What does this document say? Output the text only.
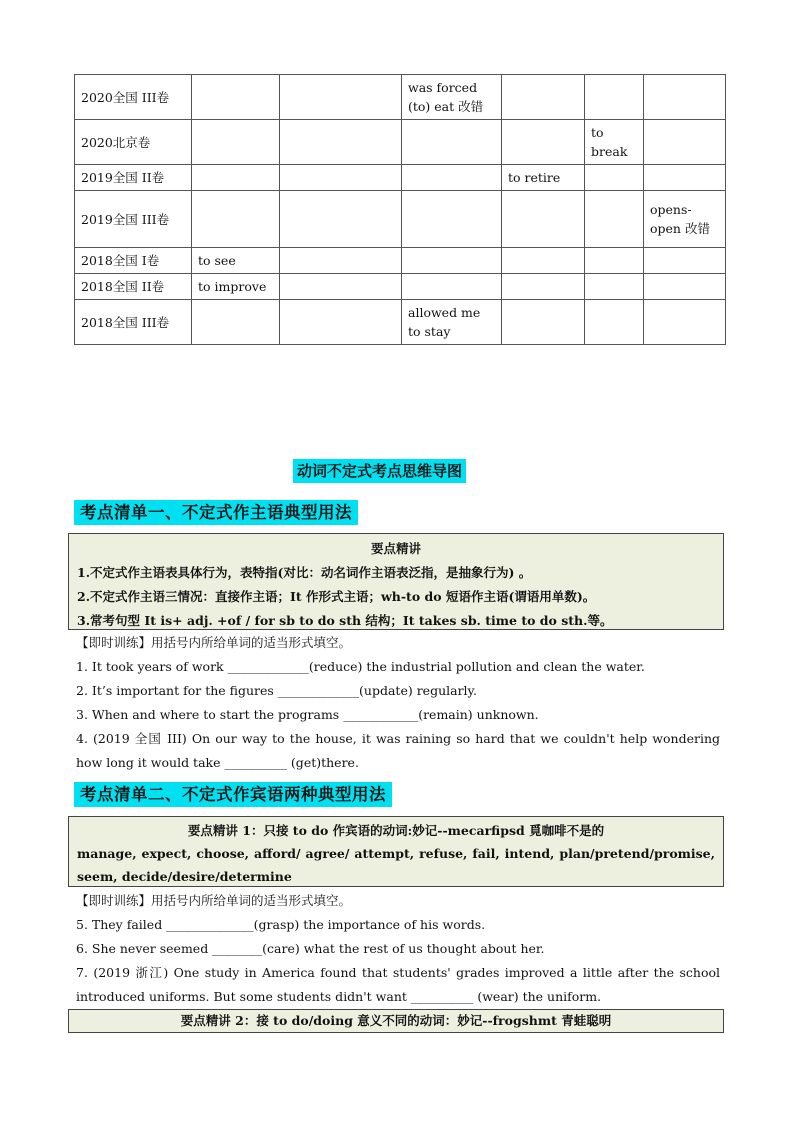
2020全国 III卷			was forced (to) eat 改错			
2020北京卷					to break	
2019全国 II卷				to retire		
2019全国 III卷						opens-open 改错
2018全国 I卷	to see					
2018全国 II卷	to improve					
2018全国 III卷			allowed me to stay			
动词不定式考点思维导图
考点清单一、不定式作主语典型用法
要点精讲
1.不定式作主语表具体行为，表特指(对比：动名词作主语表泛指，是抽象行为) 。
2.不定式作主语三情况：直接作主语；It 作形式主语；wh-to do 短语作主语(谓语用单数)。
3.常考句型 It is+ adj. +of / for sb to do sth 结构；It takes sb. time to do sth.等。
【即时训练】用括号内所给单词的适当形式填空。
1. It took years of work _____________(reduce) the industrial pollution and clean the water.
2. It’s important for the figures _____________(update) regularly.
3. When and where to start the programs ____________(remain) unknown.
4. (2019 全国 III) On our way to the house, it was raining so hard that we couldn't help wondering how long it would take __________ (get)there.
考点清单二、不定式作宾语两种典型用法
要点精讲 1：只接 to do 作宾语的动词:妙记--mecarfipsd 覓咖啡不是的
manage, expect, choose, afford/ agree/ attempt, refuse, fail, intend, plan/pretend/promise, seem, decide/desire/determine
【即时训练】用括号内所给单词的适当形式填空。
5. They failed ______________(grasp) the importance of his words.
6. She never seemed ________(care) what the rest of us thought about her.
7. (2019 浙江) One study in America found that students' grades improved a little after the school introduced uniforms. But some students didn't want __________ (wear) the uniform.
要点精讲 2：接 to do/doing 意义不同的动词：妙记--frogshmt 青蛙聪明
